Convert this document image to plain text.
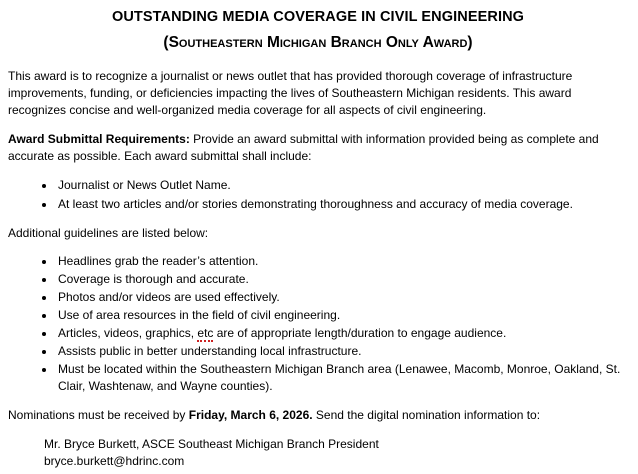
OUTSTANDING MEDIA COVERAGE IN CIVIL ENGINEERING
(Southeastern Michigan Branch Only Award)

This award is to recognize a journalist or news outlet that has provided thorough coverage of infrastructure improvements, funding, or deficiencies impacting the lives of Southeastern Michigan residents. This award recognizes concise and well-organized media coverage for all aspects of civil engineering.

Award Submittal Requirements: Provide an award submittal with information provided being as complete and accurate as possible. Each award submittal shall include:

• Journalist or News Outlet Name.
• At least two articles and/or stories demonstrating thoroughness and accuracy of media coverage.

Additional guidelines are listed below:

• Headlines grab the reader’s attention.
• Coverage is thorough and accurate.
• Photos and/or videos are used effectively.
• Use of area resources in the field of civil engineering.
• Articles, videos, graphics, etc are of appropriate length/duration to engage audience.
• Assists public in better understanding local infrastructure.
• Must be located within the Southeastern Michigan Branch area (Lenawee, Macomb, Monroe, Oakland, St. Clair, Washtenaw, and Wayne counties).

Nominations must be received by Friday, March 6, 2026. Send the digital nomination information to:

Mr. Bryce Burkett, ASCE Southeast Michigan Branch President
bryce.burkett@hdrinc.com
